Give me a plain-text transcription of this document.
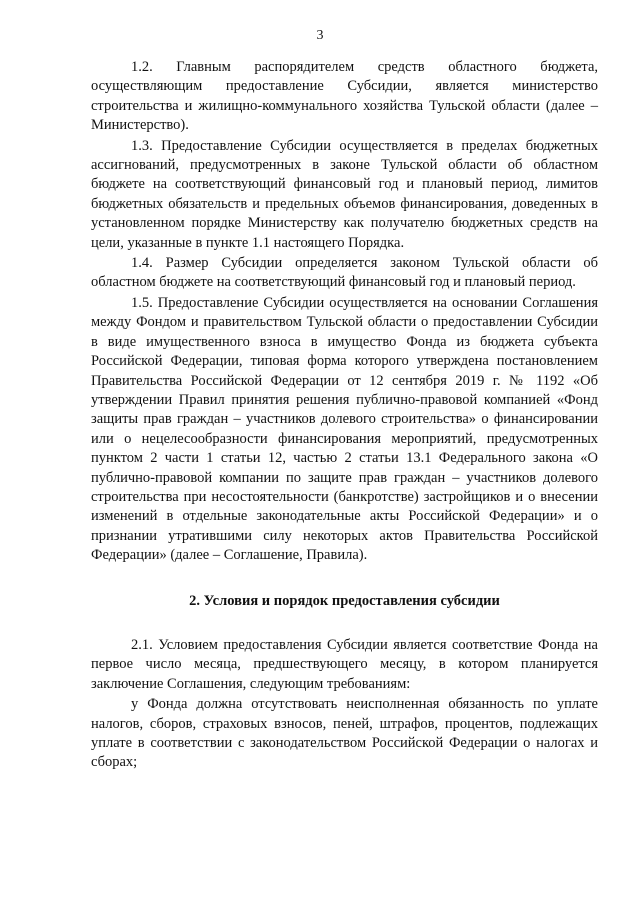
3

1.2. Главным распорядителем средств областного бюджета, осуществляющим предоставление Субсидии, является министерство строительства и жилищно-коммунального хозяйства Тульской области (далее – Министерство).

1.3. Предоставление Субсидии осуществляется в пределах бюджетных ассигнований, предусмотренных в законе Тульской области об областном бюджете на соответствующий финансовый год и плановый период, лимитов бюджетных обязательств и предельных объемов финансирования, доведенных в установленном порядке Министерству как получателю бюджетных средств на цели, указанные в пункте 1.1 настоящего Порядка.

1.4. Размер Субсидии определяется законом Тульской области об областном бюджете на соответствующий финансовый год и плановый период.

1.5. Предоставление Субсидии осуществляется на основании Соглашения между Фондом и правительством Тульской области о предоставлении Субсидии в виде имущественного взноса в имущество Фонда из бюджета субъекта Российской Федерации, типовая форма которого утверждена постановлением Правительства Российской Федерации от 12 сентября 2019 г. № 1192 «Об утверждении Правил принятия решения публично-правовой компанией «Фонд защиты прав граждан – участников долевого строительства» о финансировании или о нецелесообразности финансирования мероприятий, предусмотренных пунктом 2 части 1 статьи 12, частью 2 статьи 13.1 Федерального закона «О публично-правовой компании по защите прав граждан – участников долевого строительства при несостоятельности (банкротстве) застройщиков и о внесении изменений в отдельные законодательные акты Российской Федерации» и о признании утратившими силу некоторых актов Правительства Российской Федерации» (далее – Соглашение, Правила).

2. Условия и порядок предоставления субсидии

2.1. Условием предоставления Субсидии является соответствие Фонда на первое число месяца, предшествующего месяцу, в котором планируется заключение Соглашения, следующим требованиям:

у Фонда должна отсутствовать неисполненная обязанность по уплате налогов, сборов, страховых взносов, пеней, штрафов, процентов, подлежащих уплате в соответствии с законодательством Российской Федерации о налогах и сборах;
